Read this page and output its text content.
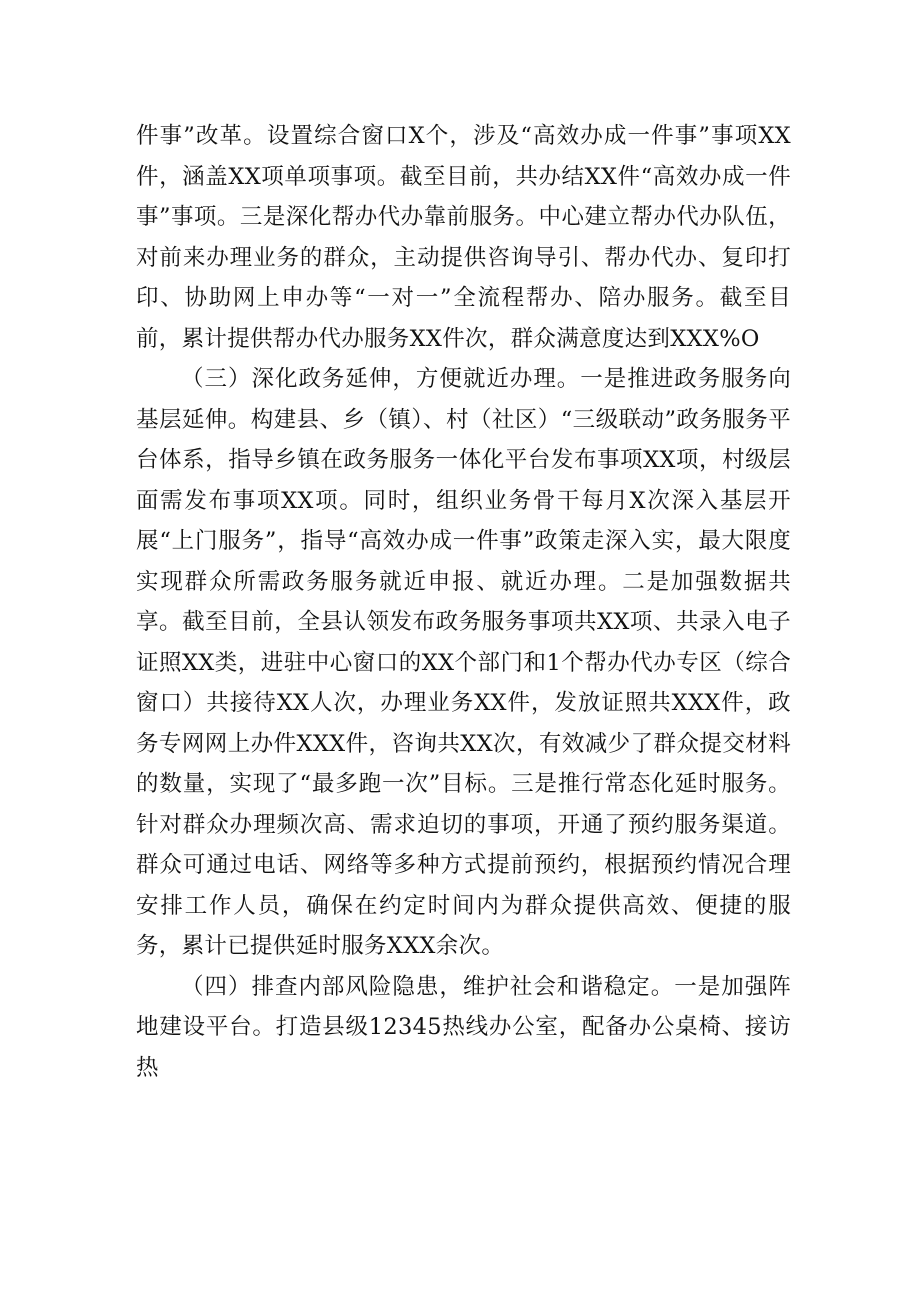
件事”改革。设置综合窗口X个，涉及“高效办成一件事”事项XX件，涵盖XX项单项事项。截至目前，共办结XX件“高效办成一件事”事项。三是深化帮办代办靠前服务。中心建立帮办代办队伍，对前来办理业务的群众，主动提供咨询导引、帮办代办、复印打印、协助网上申办等“一对一”全流程帮办、陪办服务。截至目前，累计提供帮办代办服务XX件次，群众满意度达到XXX%O

（三）深化政务延伸，方便就近办理。一是推进政务服务向基层延伸。构建县、乡（镇）、村（社区）“三级联动”政务服务平台体系，指导乡镇在政务服务一体化平台发布事项XX项，村级层面需发布事项XX项。同时，组织业务骨干每月X次深入基层开展“上门服务”，指导“高效办成一件事”政策走深入实，最大限度实现群众所需政务服务就近申报、就近办理。二是加强数据共享。截至目前，全县认领发布政务服务事项共XX项、共录入电子证照XX类，进驻中心窗口的XX个部门和1个帮办代办专区（综合窗口）共接待XX人次，办理业务XX件，发放证照共XXX件，政务专网网上办件XXX件，咨询共XX次，有效减少了群众提交材料的数量，实现了“最多跑一次”目标。三是推行常态化延时服务。针对群众办理频次高、需求迫切的事项，开通了预约服务渠道。群众可通过电话、网络等多种方式提前预约，根据预约情况合理安排工作人员，确保在约定时间内为群众提供高效、便捷的服务，累计已提供延时服务XXX余次。

（四）排查内部风险隐患，维护社会和谐稳定。一是加强阵地建设平台。打造县级12345热线办公室，配备办公桌椅、接访热
